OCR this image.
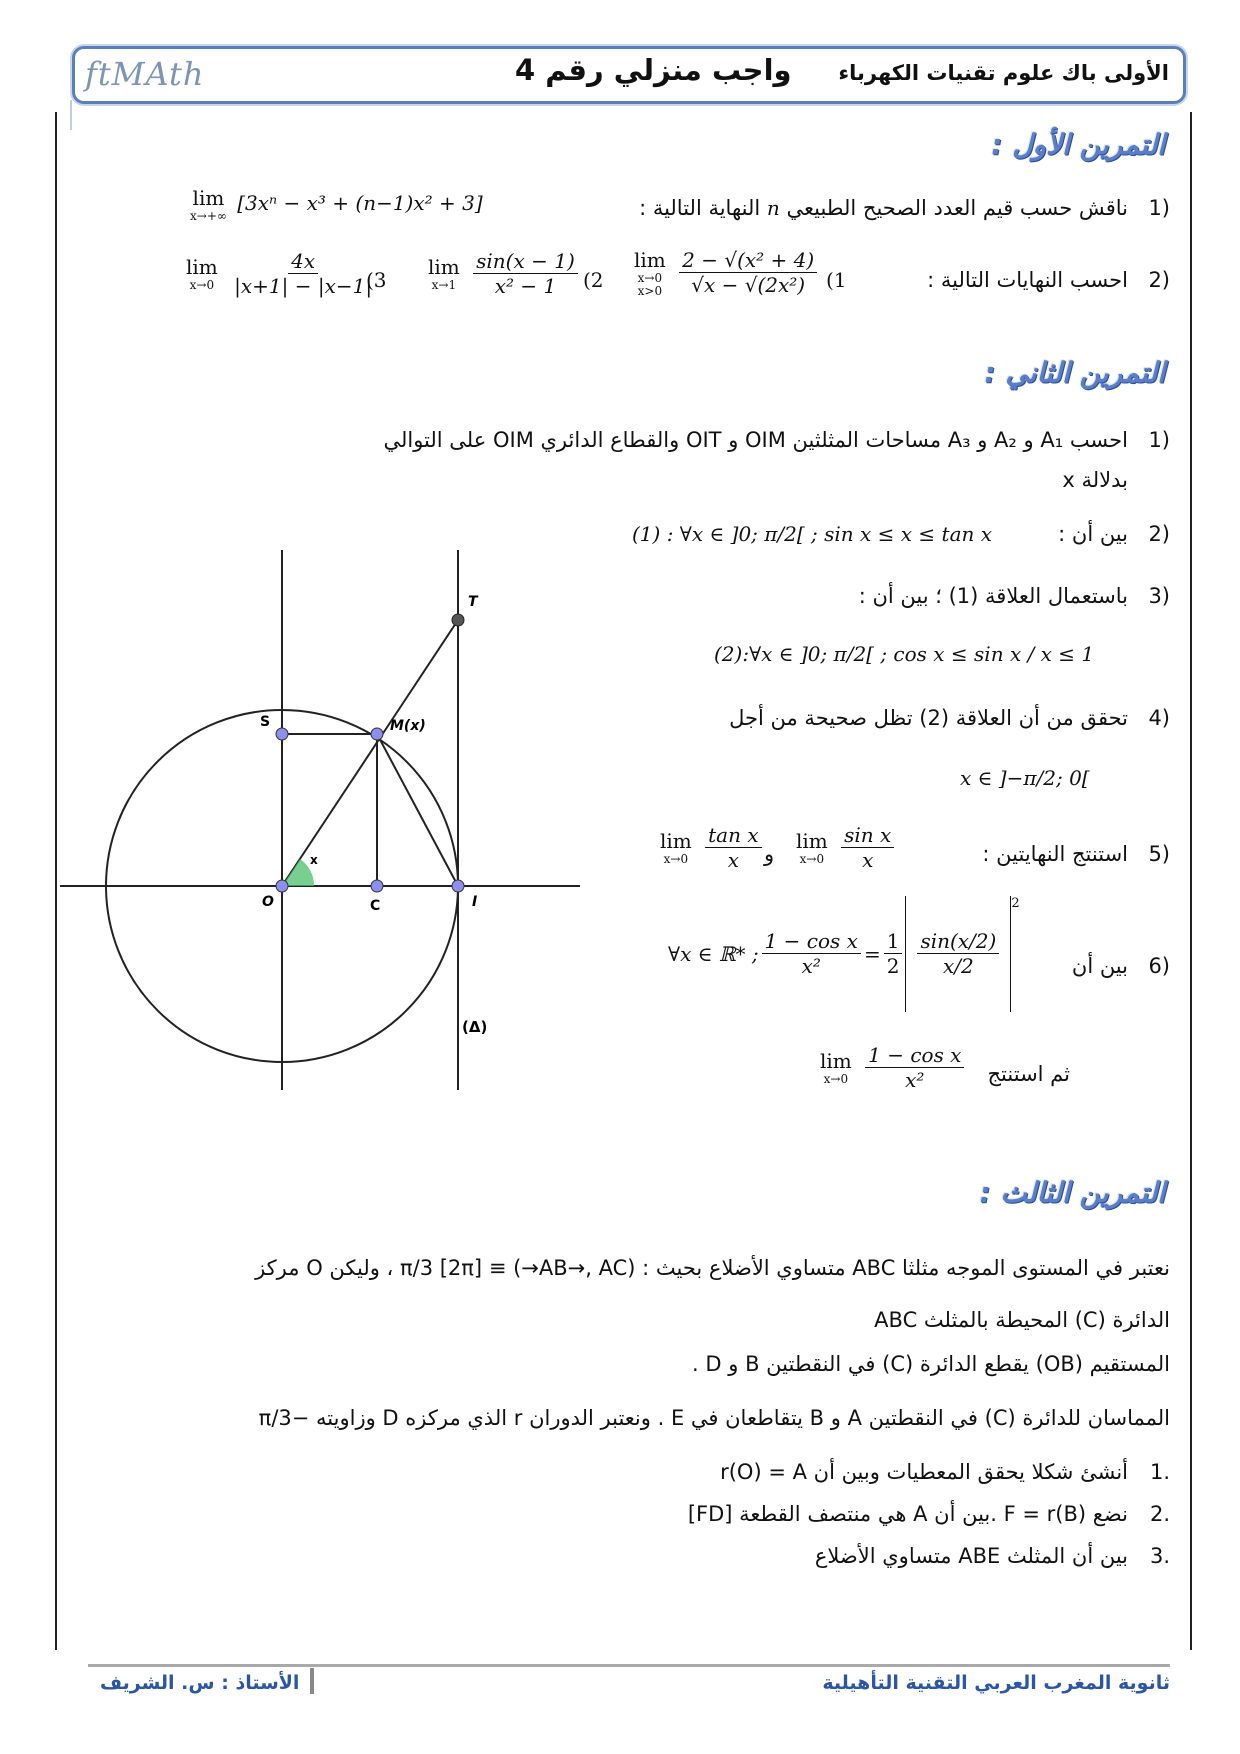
ftMAth	واجب منزلي رقم 4 الأولى باك علوم تقنيات الكهرباء
التمرين الأول :
1)
ناقش حسب قيم العدد الصحيح الطبيعي n النهاية التالية :
lim
x→+∞
[3xⁿ − x³ + (n−1)x² + 3]
2)
احسب النهايات التالية :
(1
lim
x→0
x>0
$\frac{\text{2 − √(x² + 4)}}{\text{√x − √(2x²)}}$
(2
lim
x→1
$\frac{\sin(x - 1)}{\text{x² − 1}}$
(3
lim
x→0
$\frac{4x}{|x+1| - |x-1|}$
التمرين الثاني :
1)
احسب A₁ و A₂ و A₃ مساحات المثلثين OIM و OIT والقطاع الدائري OIM على التوالي
بدلالة x
2)
بين أن :
(1) : ∀x ∈ ]0; π/2[ ; sin x ≤ x ≤ tan x
3)
باستعمال العلاقة (1) ؛ بين أن :
(2):∀x ∈ ]0; π/2[ ; cos x ≤ sin x / x ≤ 1
4)
تحقق من أن العلاقة (2) تظل صحيحة من أجل
x ∈ ]−π/2; 0[
5)
استنتج النهايتين :
lim
x→0
$\frac{\text{sin x}}{x}$
و
lim
x→0
$\frac{\text{tan x}}{x}$
6)
بين أن
∀x ∈ ℝ* ; $\frac{\text{1 − cos x}}{\text{x²}} = \frac{1}{2} \frac{\sin(x/2)}{x/2}$
$^2$
ثم استنتج
lim
x→0
$\frac{\text{1 − cos x}}{\text{x²}}$
T
S	M(x)
O	C	I
x
(Δ)
التمرين الثالث :
نعتبر في المستوى الموجه مثلثا ABC متساوي الأضلاع بحيث : (AB→, AC→) ≡ π/3 [2π] ، وليكن O مركز
الدائرة (C) المحيطة بالمثلث ABC
المستقيم (OB) يقطع الدائرة (C) في النقطتين B و D .
المماسان للدائرة (C) في النقطتين A و B يتقاطعان في E . ونعتبر الدوران r الذي مركزه D وزاويته −π/3
1.
أنشئ شكلا يحقق المعطيات وبين أن r(O) = A
2.
نضع F = r(B) .بين أن A هي منتصف القطعة [FD]
3.
بين أن المثلث ABE متساوي الأضلاع
الأستاذ : س. الشريف	ثانوية المغرب العربي التقنية التأهيلية
